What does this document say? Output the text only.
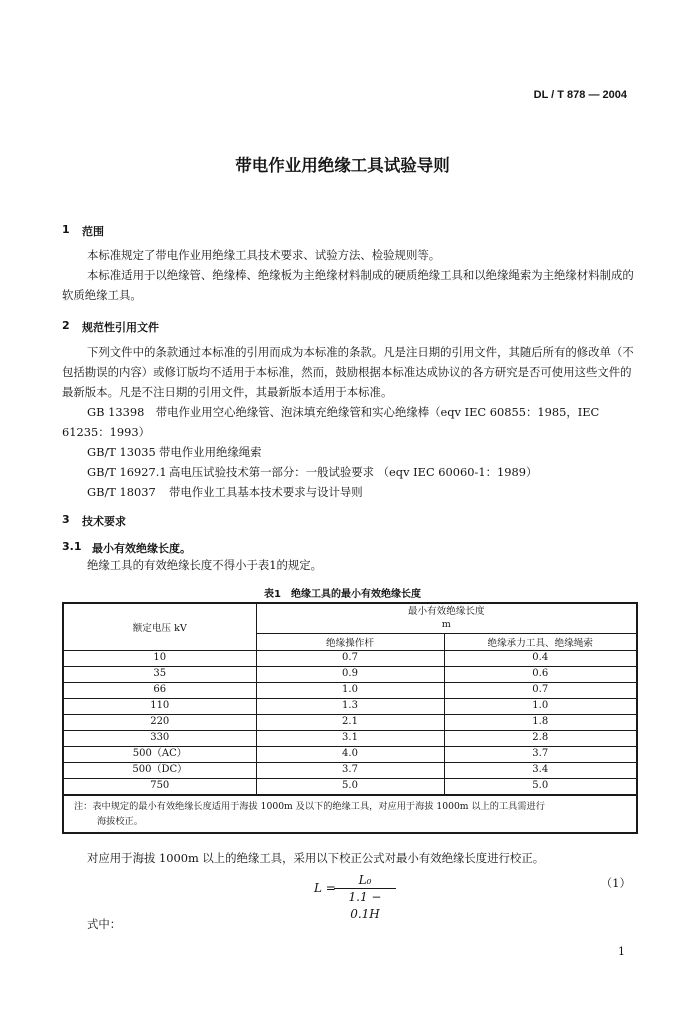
DL / T 878 — 2004
带电作业用绝缘工具试验导则
1 范围
本标准规定了带电作业用绝缘工具技术要求、试验方法、检验规则等。
本标准适用于以绝缘管、绝缘棒、绝缘板为主绝缘材料制成的硬质绝缘工具和以绝缘绳索为主绝缘材料制成的软质绝缘工具。
2 规范性引用文件
下列文件中的条款通过本标准的引用而成为本标准的条款。凡是注日期的引用文件，其随后所有的修改单（不包括勘误的内容）或修订版均不适用于本标准，然而，鼓励根据本标准达成协议的各方研究是否可使用这些文件的最新版本。凡是不注日期的引用文件，其最新版本适用于本标准。
GB 13398　 带电作业用空心绝缘管、泡沫填充绝缘管和实心绝缘棒（eqv IEC 60855：1985，IEC 61235：1993）
GB/T 13035 带电作业用绝缘绳索
GB/T 16927.1 高电压试验技术第一部分：一般试验要求 （eqv IEC 60060-1：1989）
GB/T 18037 带电作业工具基本技术要求与设计导则
3 技术要求
3.1 最小有效绝缘长度。
绝缘工具的有效绝缘长度不得小于表1的规定。
表1　绝缘工具的最小有效绝缘长度
额定电压 kV	最小有效绝缘长度
m	
	绝缘操作杆	绝缘承力工具、绝缘绳索
10	0.7	0.4
35	0.9	0.6
66	1.0	0.7
110	1.3	1.0
220	2.1	1.8
330	3.1	2.8
500（AC）	4.0	3.7
500（DC）	3.7	3.4
750	5.0	5.0
注：表中规定的最小有效绝缘长度适用于海拔 1000m 及以下的绝缘工具，对应用于海拔 1000m 以上的工具需进行
海拔校正。		
对应用于海拔 1000m 以上的绝缘工具，采用以下校正公式对最小有效绝缘长度进行校正。
L =
$\frac{\text{L₀}}{1.1 - 0.1H}$	（1）
式中：
1
